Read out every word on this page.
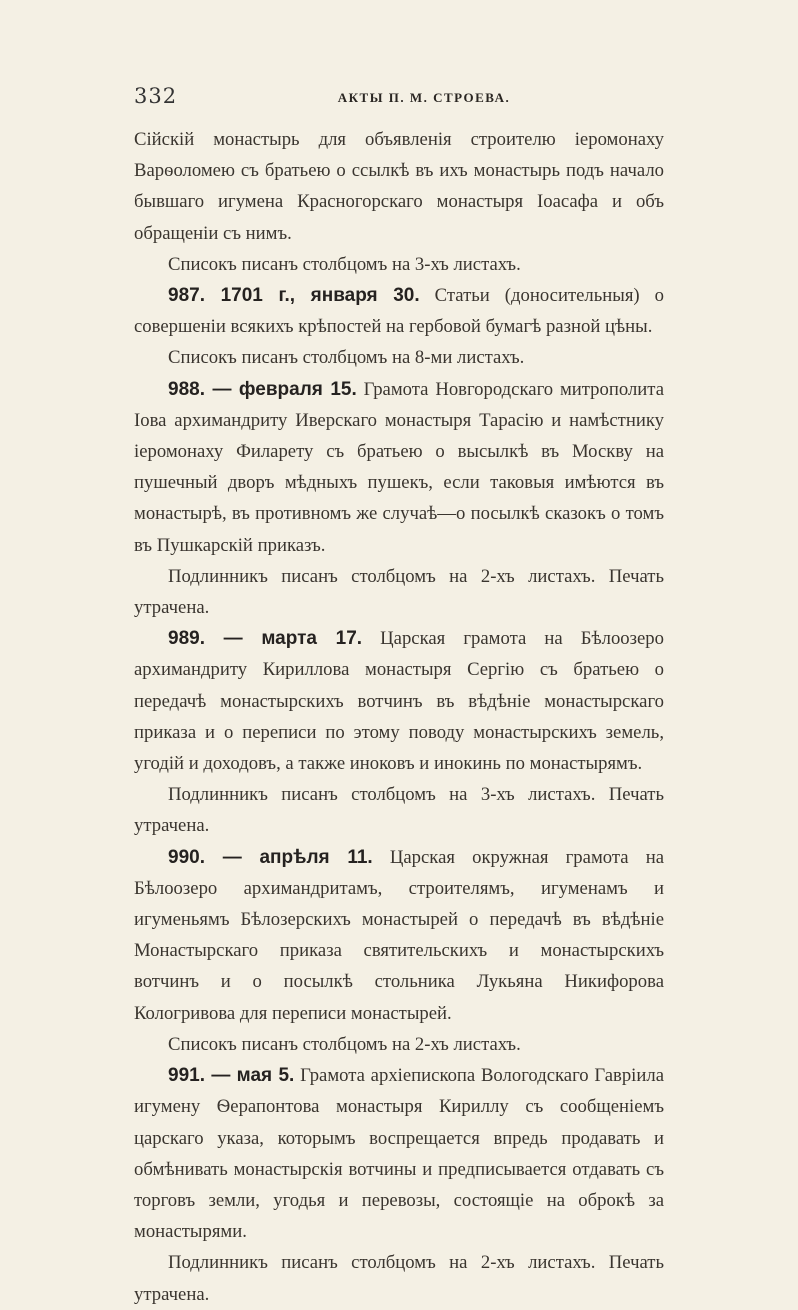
332	АКТЫ П. М. СТРОЕВА.

Сійскій монастырь для объявленія строителю іеромонаху Варѳоломею съ братьею о ссылкѣ въ ихъ монастырь подъ начало бывшаго игумена Красногорскаго монастыря Іоасафа и объ обращеніи съ нимъ.

Списокъ писанъ столбцомъ на 3-хъ листахъ.

987. 1701 г., января 30. Статьи (доносительныя) о совершеніи всякихъ крѣпостей на гербовой бумагѣ разной цѣны.

Списокъ писанъ столбцомъ на 8-ми листахъ.

988. — февраля 15. Грамота Новгородскаго митрополита Іова архимандриту Иверскаго монастыря Тарасію и намѣстнику іеромонаху Филарету съ братьею о высылкѣ въ Москву на пушечный дворъ мѣдныхъ пушекъ, если таковыя имѣются въ монастырѣ, въ противномъ же случаѣ—о посылкѣ сказокъ о томъ въ Пушкарскій приказъ.

Подлинникъ писанъ столбцомъ на 2-хъ листахъ. Печать утрачена.

989. — марта 17. Царская грамота на Бѣлоозеро архимандриту Кириллова монастыря Сергію съ братьею о передачѣ монастырскихъ вотчинъ въ вѣдѣніе монастырскаго приказа и о переписи по этому поводу монастырскихъ земель, угодій и доходовъ, а также иноковъ и инокинь по монастырямъ.

Подлинникъ писанъ столбцомъ на 3-хъ листахъ. Печать утрачена.

990. — апрѣля 11. Царская окружная грамота на Бѣлоозеро архимандритамъ, строителямъ, игуменамъ и игуменьямъ Бѣлозерскихъ монастырей о передачѣ въ вѣдѣніе Монастырскаго приказа святительскихъ и монастырскихъ вотчинъ и о посылкѣ стольника Лукьяна Никифорова Кологривова для переписи монастырей.

Списокъ писанъ столбцомъ на 2-хъ листахъ.

991. — мая 5. Грамота архіепископа Вологодскаго Гавріила игумену Ѳерапонтова монастыря Кириллу съ сообщеніемъ царскаго указа, которымъ воспрещается впредь продавать и обмѣнивать монастырскія вотчины и предписывается отдавать съ торговъ земли, угодья и перевозы, состоящіе на оброкѣ за монастырями.

Подлинникъ писанъ столбцомъ на 2-хъ листахъ. Печать утрачена.
